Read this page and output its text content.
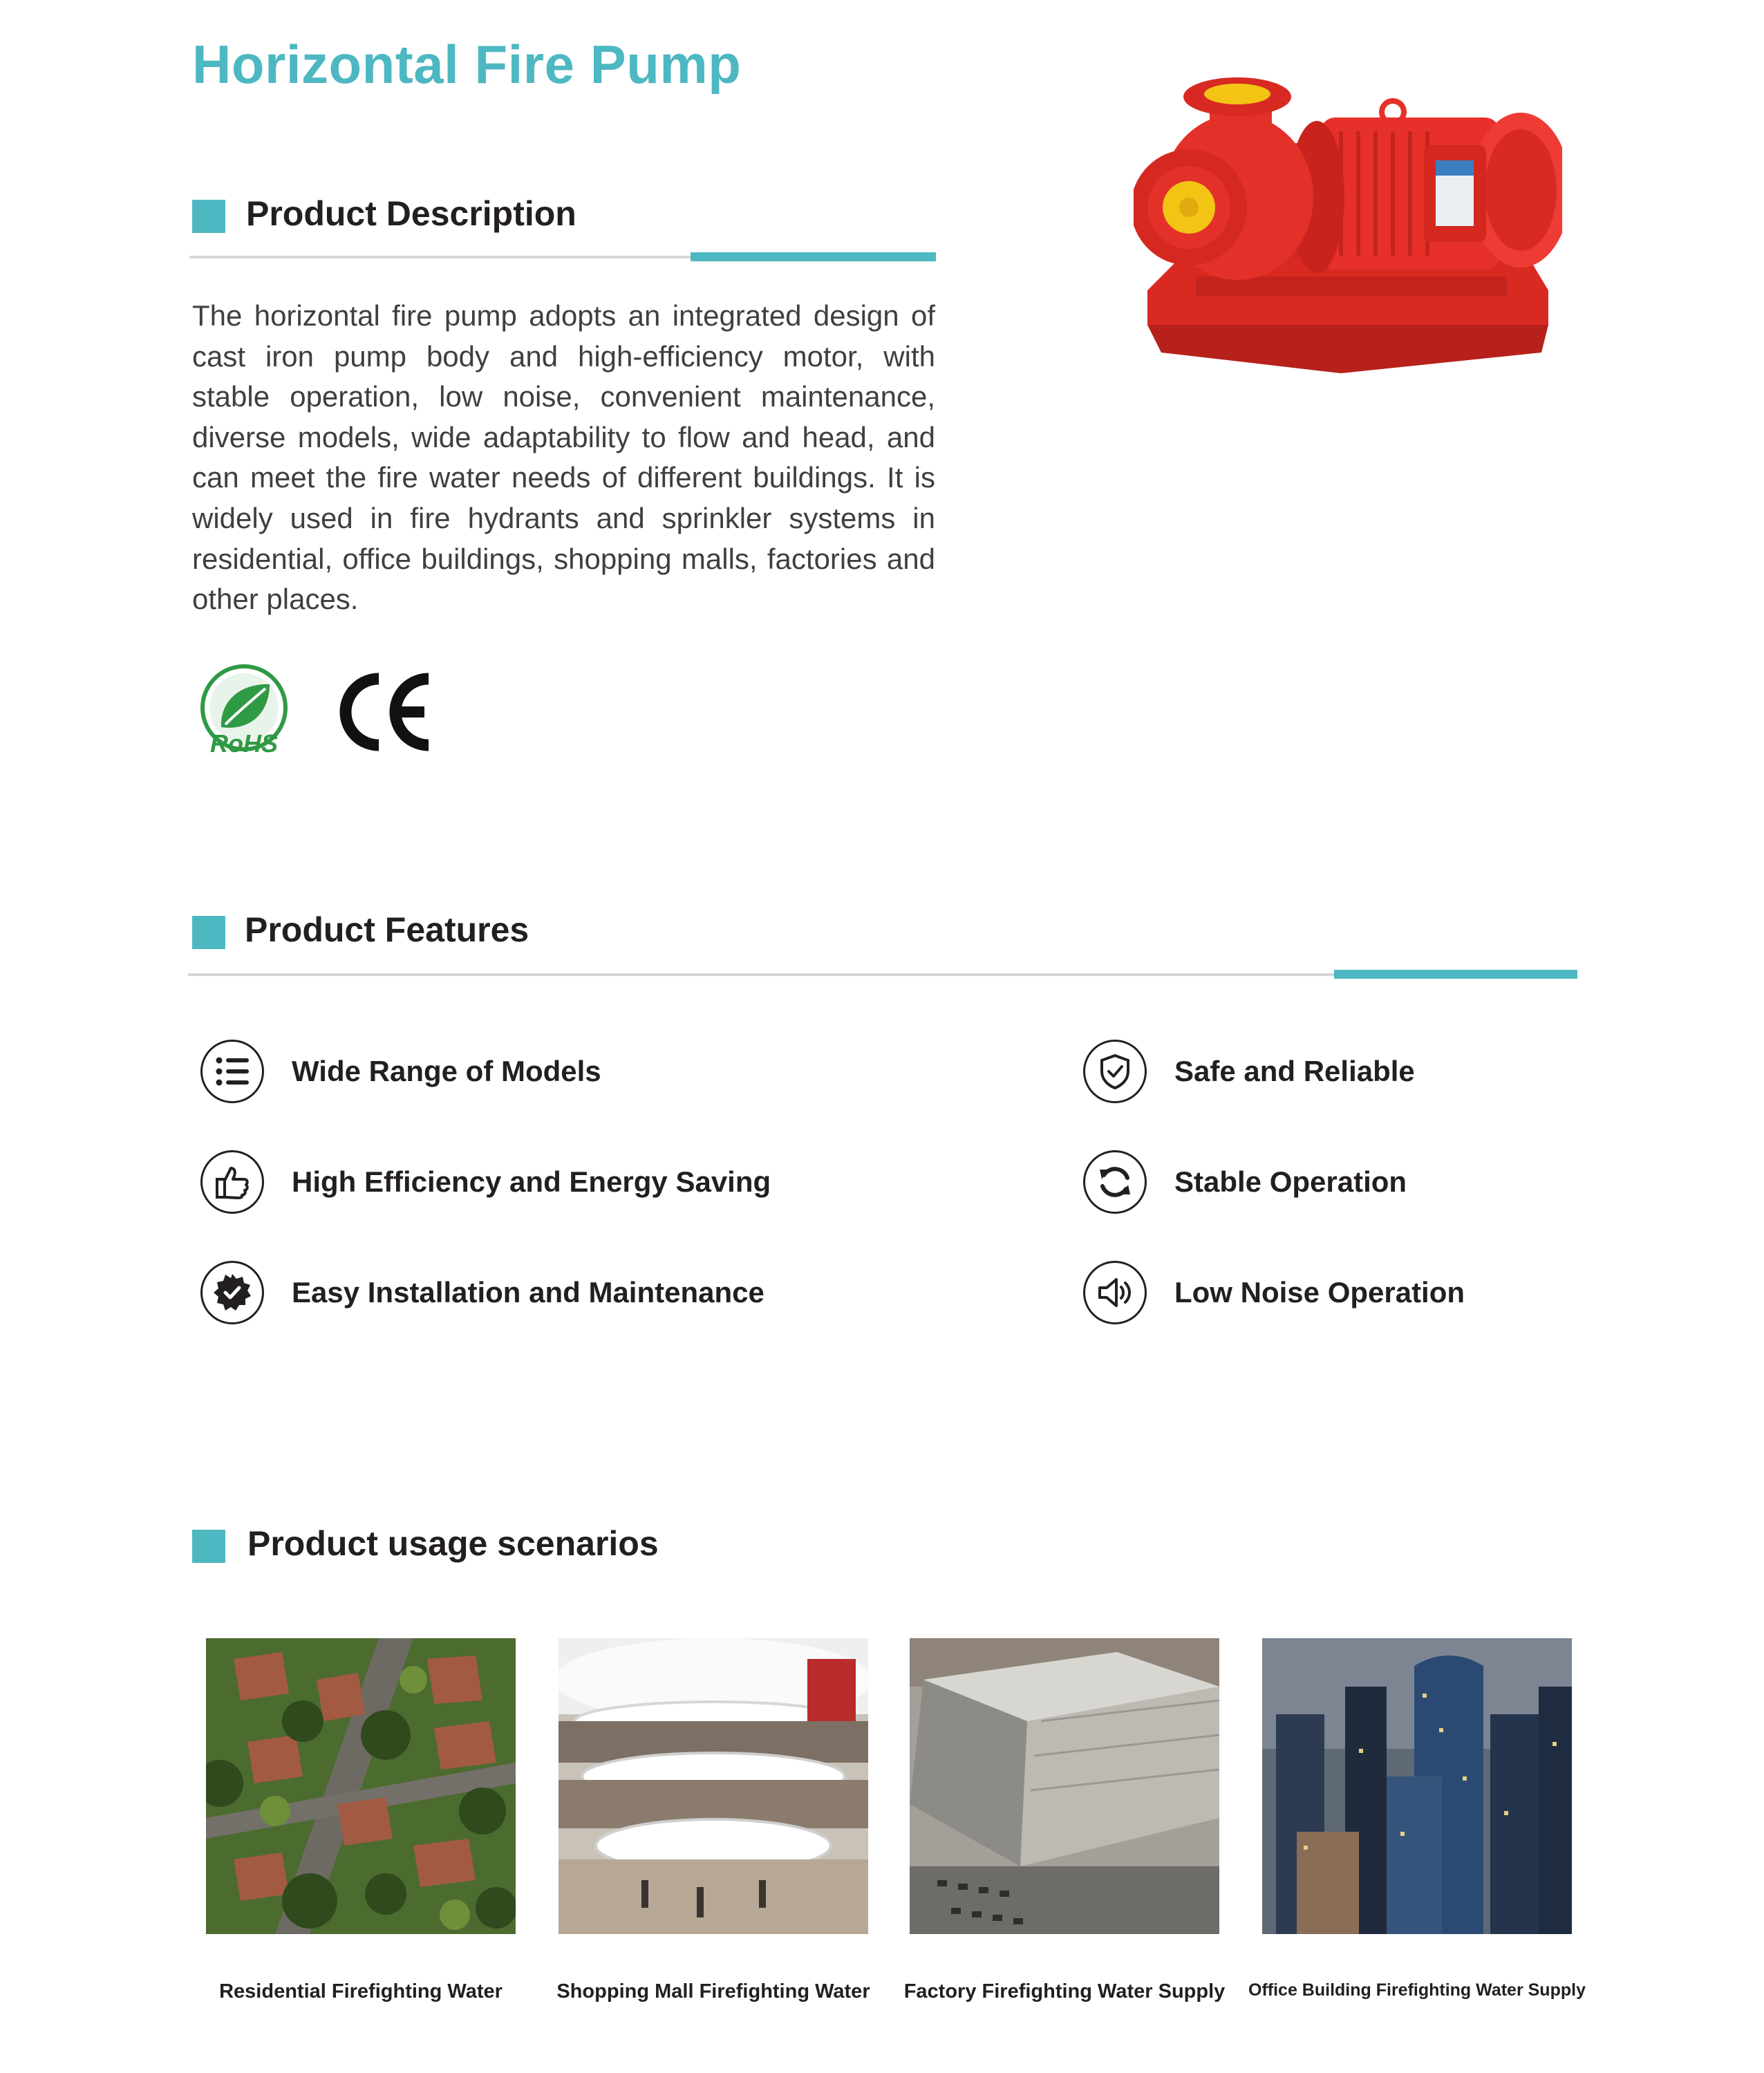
Horizontal Fire Pump
Product Description

The horizontal fire pump adopts an integrated design of cast iron pump body and high-efficiency motor, with stable operation, low noise, convenient maintenance, diverse models, wide adaptability to flow and head, and can meet the fire water needs of different buildings. It is widely used in fire hydrants and sprinkler systems in residential, office buildings, shopping malls, factories and other places.

RoHS
Product Features
Wide Range of Models	Safe and Reliable
High Efficiency and Energy Saving	Stable Operation
Easy Installation and Maintenance	Low Noise Operation
Product usage scenarios

Residential Firefighting Water	Shopping Mall Firefighting Water	Factory Firefighting Water Supply	Office Building Firefighting Water Supply
